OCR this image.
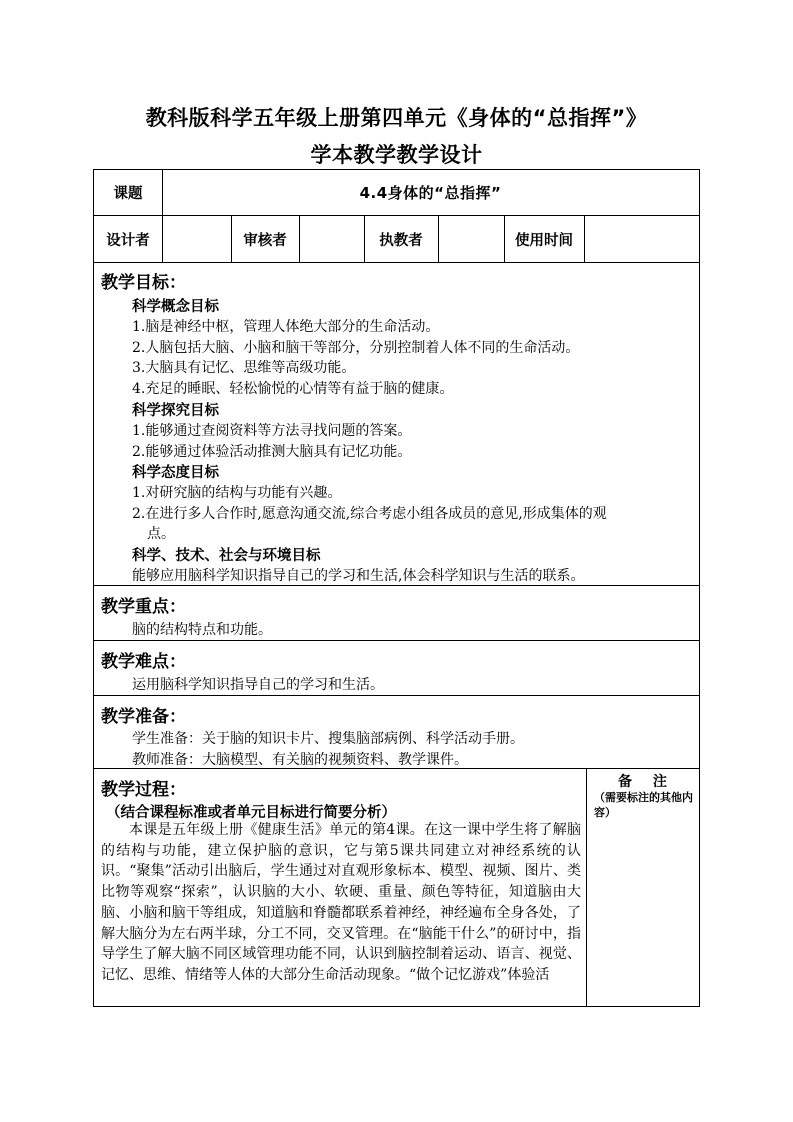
教科版科学五年级上册第四单元《身体的“总指挥”》
学本教学教学设计
课题	4.4身体的“总指挥”
设计者	审核者	执教者	使用时间
教学目标：
科学概念目标
1.脑是神经中枢，管理人体绝大部分的生命活动。
2.人脑包括大脑、小脑和脑干等部分，分别控制着人体不同的生命活动。
3.大脑具有记忆、思维等高级功能。
4.充足的睡眠、轻松愉悦的心情等有益于脑的健康。
科学探究目标
1.能够通过查阅资料等方法寻找问题的答案。
2.能够通过体验活动推测大脑具有记忆功能。
科学态度目标
1.对研究脑的结构与功能有兴趣。
2.在进行多人合作时,愿意沟通交流,综合考虑小组各成员的意见,形成集体的观
点。
科学、技术、社会与环境目标
能够应用脑科学知识指导自己的学习和生活,体会科学知识与生活的联系。
教学重点：
脑的结构特点和功能。
教学难点：
运用脑科学知识指导自己的学习和生活。
教学准备：
学生准备：关于脑的知识卡片、搜集脑部病例、科学活动手册。
教师准备：大脑模型、有关脑的视频资料、教学课件。
教学过程：
（结合课程标准或者单元目标进行简要分析）
本课是五年级上册《健康生活》单元的第4课。在这一课中学生将了解脑的结构与功能，建立保护脑的意识，它与第5课共同建立对神经系统的认识。“聚集”活动引出脑后，学生通过对直观形象标本、模型、视频、图片、类比物等观察“探索”，认识脑的大小、软硬、重量、颜色等特征，知道脑由大脑、小脑和脑干等组成，知道脑和脊髓都联系着神经，神经遍布全身各处，了解大脑分为左右两半球，分工不同，交叉管理。在“脑能干什么”的研讨中，指导学生了解大脑不同区域管理功能不同，认识到脑控制着运动、语言、视觉、记忆、思维、情绪等人体的大部分生命活动现象。“做个记忆游戏”体验活
备 注
（需要标注的其他内容）
